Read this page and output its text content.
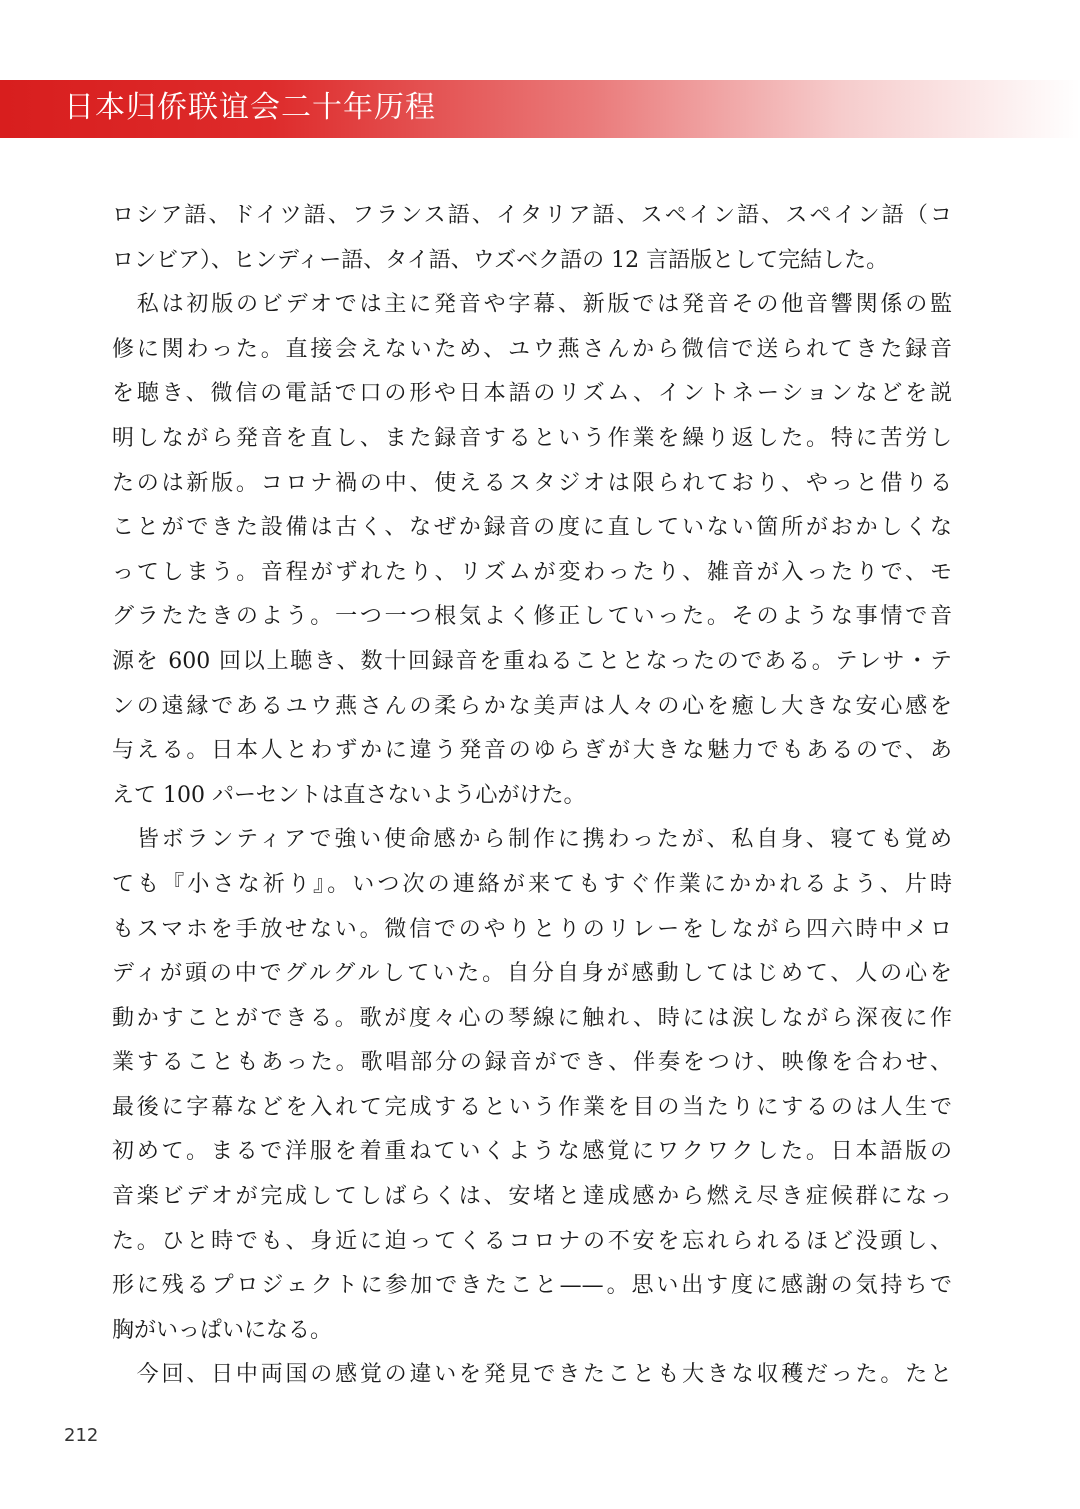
日本归侨联谊会二十年历程
ロシア語、ドイツ語、フランス語、イタリア語、スペイン語、スペイン語（コ
ロンビア）、ヒンディー語、タイ語、ウズベク語の 12 言語版として完結した。
　私は初版のビデオでは主に発音や字幕、新版では発音その他音響関係の監
修に関わった。直接会えないため、ユウ燕さんから微信で送られてきた録音
を聴き、微信の電話で口の形や日本語のリズム、イントネーションなどを説
明しながら発音を直し、また録音するという作業を繰り返した。特に苦労し
たのは新版。コロナ禍の中、使えるスタジオは限られており、やっと借りる
ことができた設備は古く、なぜか録音の度に直していない箇所がおかしくな
ってしまう。音程がずれたり、リズムが変わったり、雑音が入ったりで、モ
グラたたきのよう。一つ一つ根気よく修正していった。そのような事情で音
源を 600 回以上聴き、数十回録音を重ねることとなったのである。テレサ・テ
ンの遠縁であるユウ燕さんの柔らかな美声は人々の心を癒し大きな安心感を
与える。日本人とわずかに違う発音のゆらぎが大きな魅力でもあるので、あ
えて 100 パーセントは直さないよう心がけた。
　皆ボランティアで強い使命感から制作に携わったが、私自身、寝ても覚め
ても『小さな祈り』。いつ次の連絡が来てもすぐ作業にかかれるよう、片時
もスマホを手放せない。微信でのやりとりのリレーをしながら四六時中メロ
ディが頭の中でグルグルしていた。自分自身が感動してはじめて、人の心を
動かすことができる。歌が度々心の琴線に触れ、時には涙しながら深夜に作
業することもあった。歌唱部分の録音ができ、伴奏をつけ、映像を合わせ、
最後に字幕などを入れて完成するという作業を目の当たりにするのは人生で
初めて。まるで洋服を着重ねていくような感覚にワクワクした。日本語版の
音楽ビデオが完成してしばらくは、安堵と達成感から燃え尽き症候群になっ
た。ひと時でも、身近に迫ってくるコロナの不安を忘れられるほど没頭し、
形に残るプロジェクトに参加できたこと——。思い出す度に感謝の気持ちで
胸がいっぱいになる。
　今回、日中両国の感覚の違いを発見できたことも大きな収穫だった。たと
212
